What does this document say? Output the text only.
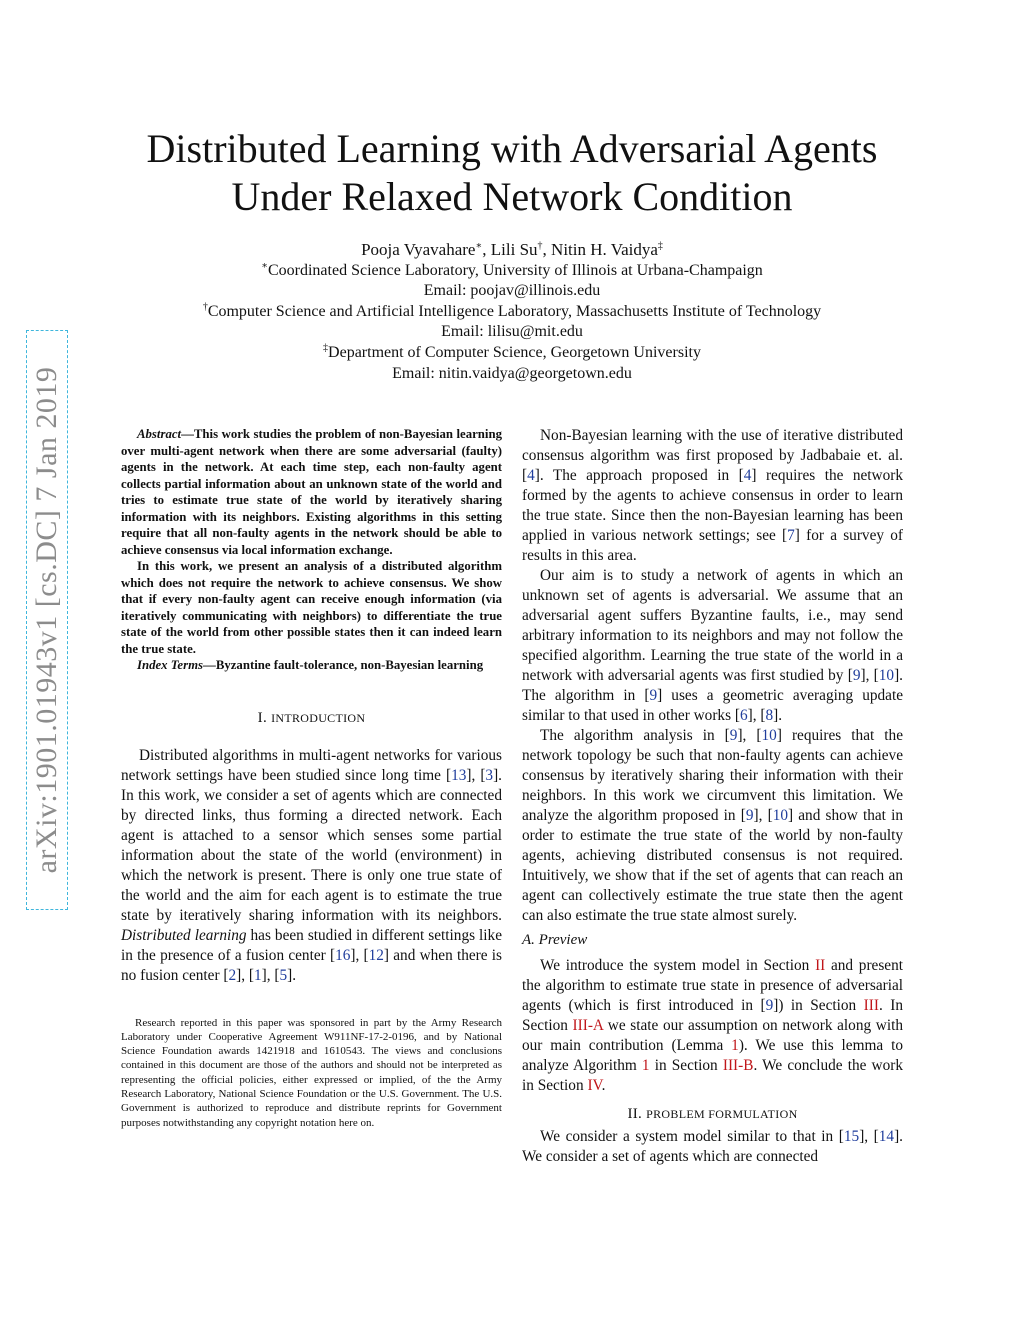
arXiv:1901.01943v1 [cs.DC] 7 Jan 2019
Distributed Learning with Adversarial Agents
Under Relaxed Network Condition
Pooja Vyavahare∗, Lili Su†, Nitin H. Vaidya‡
∗Coordinated Science Laboratory, University of Illinois at Urbana-Champaign
Email: poojav@illinois.edu
†Computer Science and Artificial Intelligence Laboratory, Massachusetts Institute of Technology
Email: lilisu@mit.edu
‡Department of Computer Science, Georgetown University
Email: nitin.vaidya@georgetown.edu

Abstract—This work studies the problem of non-Bayesian learning over multi-agent network when there are some adversarial (faulty) agents in the network. At each time step, each non-faulty agent collects partial information about an unknown state of the world and tries to estimate true state of the world by iteratively sharing information with its neighbors. Existing algorithms in this setting require that all non-faulty agents in the network should be able to achieve consensus via local information exchange.

In this work, we present an analysis of a distributed algorithm which does not require the network to achieve consensus. We show that if every non-faulty agent can receive enough information (via iteratively communicating with neighbors) to differentiate the true state of the world from other possible states then it can indeed learn the true state.

Index Terms—Byzantine fault-tolerance, non-Bayesian learning

I. INTRODUCTION

Distributed algorithms in multi-agent networks for various network settings have been studied since long time [13], [3]. In this work, we consider a set of agents which are connected by directed links, thus forming a directed network. Each agent is attached to a sensor which senses some partial information about the state of the world (environment) in which the network is present. There is only one true state of the world and the aim for each agent is to estimate the true state by iteratively sharing information with its neighbors. Distributed learning has been studied in different settings like in the presence of a fusion center [16], [12] and when there is no fusion center [2], [1], [5].

Research reported in this paper was sponsored in part by the Army Research Laboratory under Cooperative Agreement W911NF-17-2-0196, and by National Science Foundation awards 1421918 and 1610543. The views and conclusions contained in this document are those of the authors and should not be interpreted as representing the official policies, either expressed or implied, of the the Army Research Laboratory, National Science Foundation or the U.S. Government. The U.S. Government is authorized to reproduce and distribute reprints for Government purposes notwithstanding any copyright notation here on.

Non-Bayesian learning with the use of iterative distributed consensus algorithm was first proposed by Jadbabaie et. al. [4]. The approach proposed in [4] requires the network formed by the agents to achieve consensus in order to learn the true state. Since then the non-Bayesian learning has been applied in various network settings; see [7] for a survey of results in this area.

Our aim is to study a network of agents in which an unknown set of agents is adversarial. We assume that an adversarial agent suffers Byzantine faults, i.e., may send arbitrary information to its neighbors and may not follow the specified algorithm. Learning the true state of the world in a network with adversarial agents was first studied by [9], [10]. The algorithm in [9] uses a geometric averaging update similar to that used in other works [6], [8].

The algorithm analysis in [9], [10] requires that the network topology be such that non-faulty agents can achieve consensus by iteratively sharing their information with their neighbors. In this work we circumvent this limitation. We analyze the algorithm proposed in [9], [10] and show that in order to estimate the true state of the world by non-faulty agents, achieving distributed consensus is not required. Intuitively, we show that if the set of agents that can reach an agent can collectively estimate the true state then the agent can also estimate the true state almost surely.

A. Preview

We introduce the system model in Section II and present the algorithm to estimate true state in presence of adversarial agents (which is first introduced in [9]) in Section III. In Section III-A we state our assumption on network along with our main contribution (Lemma 1). We use this lemma to analyze Algorithm 1 in Section III-B. We conclude the work in Section IV.

II. PROBLEM FORMULATION

We consider a system model similar to that in [15], [14]. We consider a set of agents which are connected
